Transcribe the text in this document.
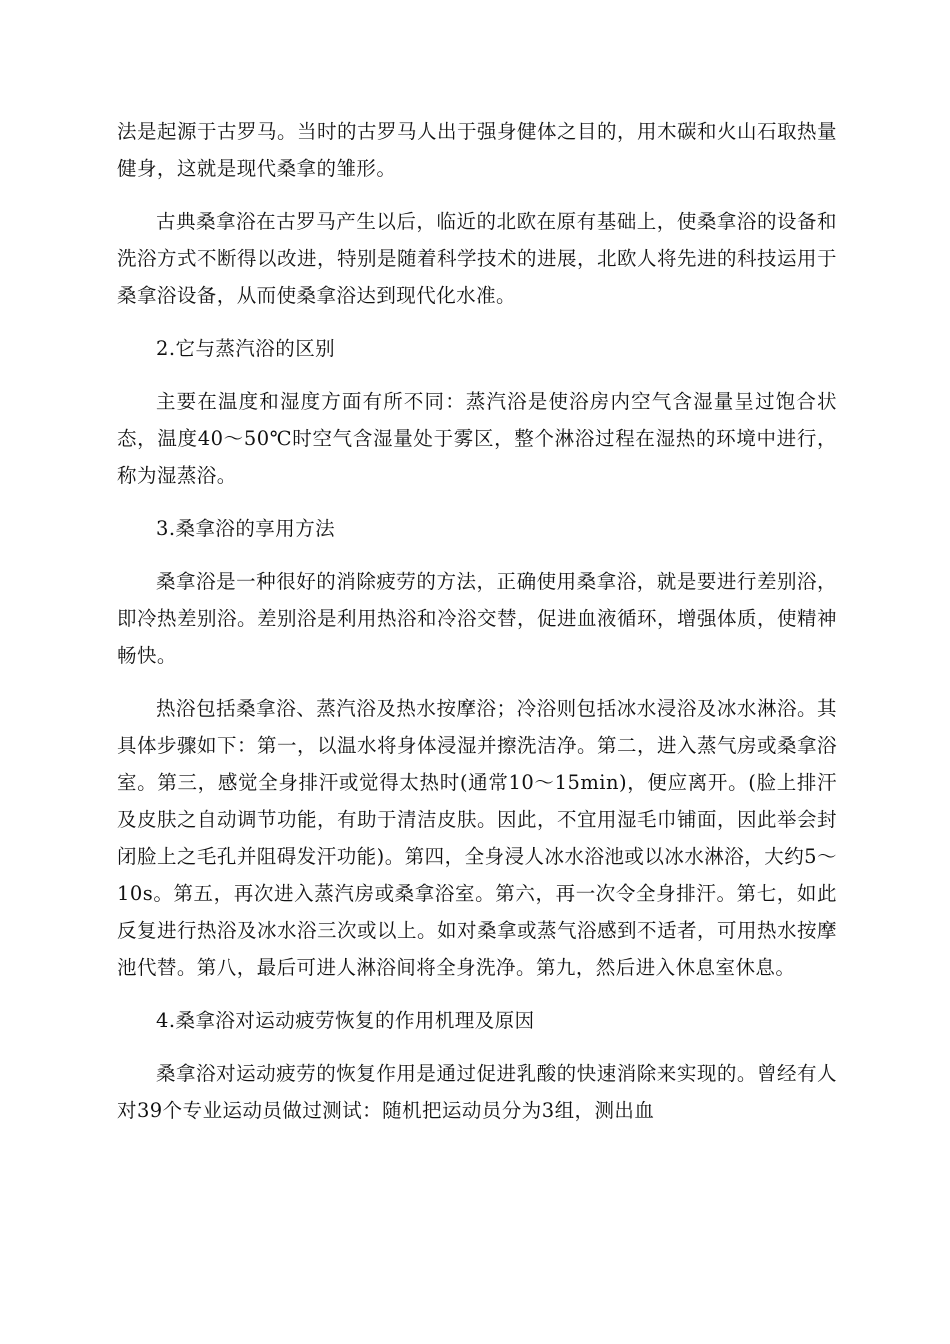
法是起源于古罗马。当时的古罗马人出于强身健体之目的，用木碳和火山石取热量健身，这就是现代桑拿的雏形。

古典桑拿浴在古罗马产生以后，临近的北欧在原有基础上，使桑拿浴的设备和洗浴方式不断得以改进，特别是随着科学技术的进展，北欧人将先进的科技运用于桑拿浴设备，从而使桑拿浴达到现代化水准。

2.它与蒸汽浴的区别

主要在温度和湿度方面有所不同：蒸汽浴是使浴房内空气含湿量呈过饱合状态，温度40～50℃时空气含湿量处于雾区，整个淋浴过程在湿热的环境中进行，称为湿蒸浴。

3.桑拿浴的享用方法

桑拿浴是一种很好的消除疲劳的方法，正确使用桑拿浴，就是要进行差别浴，即冷热差别浴。差别浴是利用热浴和冷浴交替，促进血液循环，增强体质，使精神畅快。

热浴包括桑拿浴、蒸汽浴及热水按摩浴；冷浴则包括冰水浸浴及冰水淋浴。其具体步骤如下：第一，以温水将身体浸湿并擦洗洁净。第二，进入蒸气房或桑拿浴室。第三，感觉全身排汗或觉得太热时(通常10～15min)，便应离开。(脸上排汗及皮肤之自动调节功能，有助于清洁皮肤。因此，不宜用湿毛巾铺面，因此举会封闭脸上之毛孔并阻碍发汗功能)。第四，全身浸人冰水浴池或以冰水淋浴，大约5～10s。第五，再次进入蒸汽房或桑拿浴室。第六，再一次令全身排汗。第七，如此反复进行热浴及冰水浴三次或以上。如对桑拿或蒸气浴感到不适者，可用热水按摩池代替。第八，最后可进人淋浴间将全身洗净。第九，然后进入休息室休息。

4.桑拿浴对运动疲劳恢复的作用机理及原因

桑拿浴对运动疲劳的恢复作用是通过促进乳酸的快速消除来实现的。曾经有人对39个专业运动员做过测试：随机把运动员分为3组，测出血
